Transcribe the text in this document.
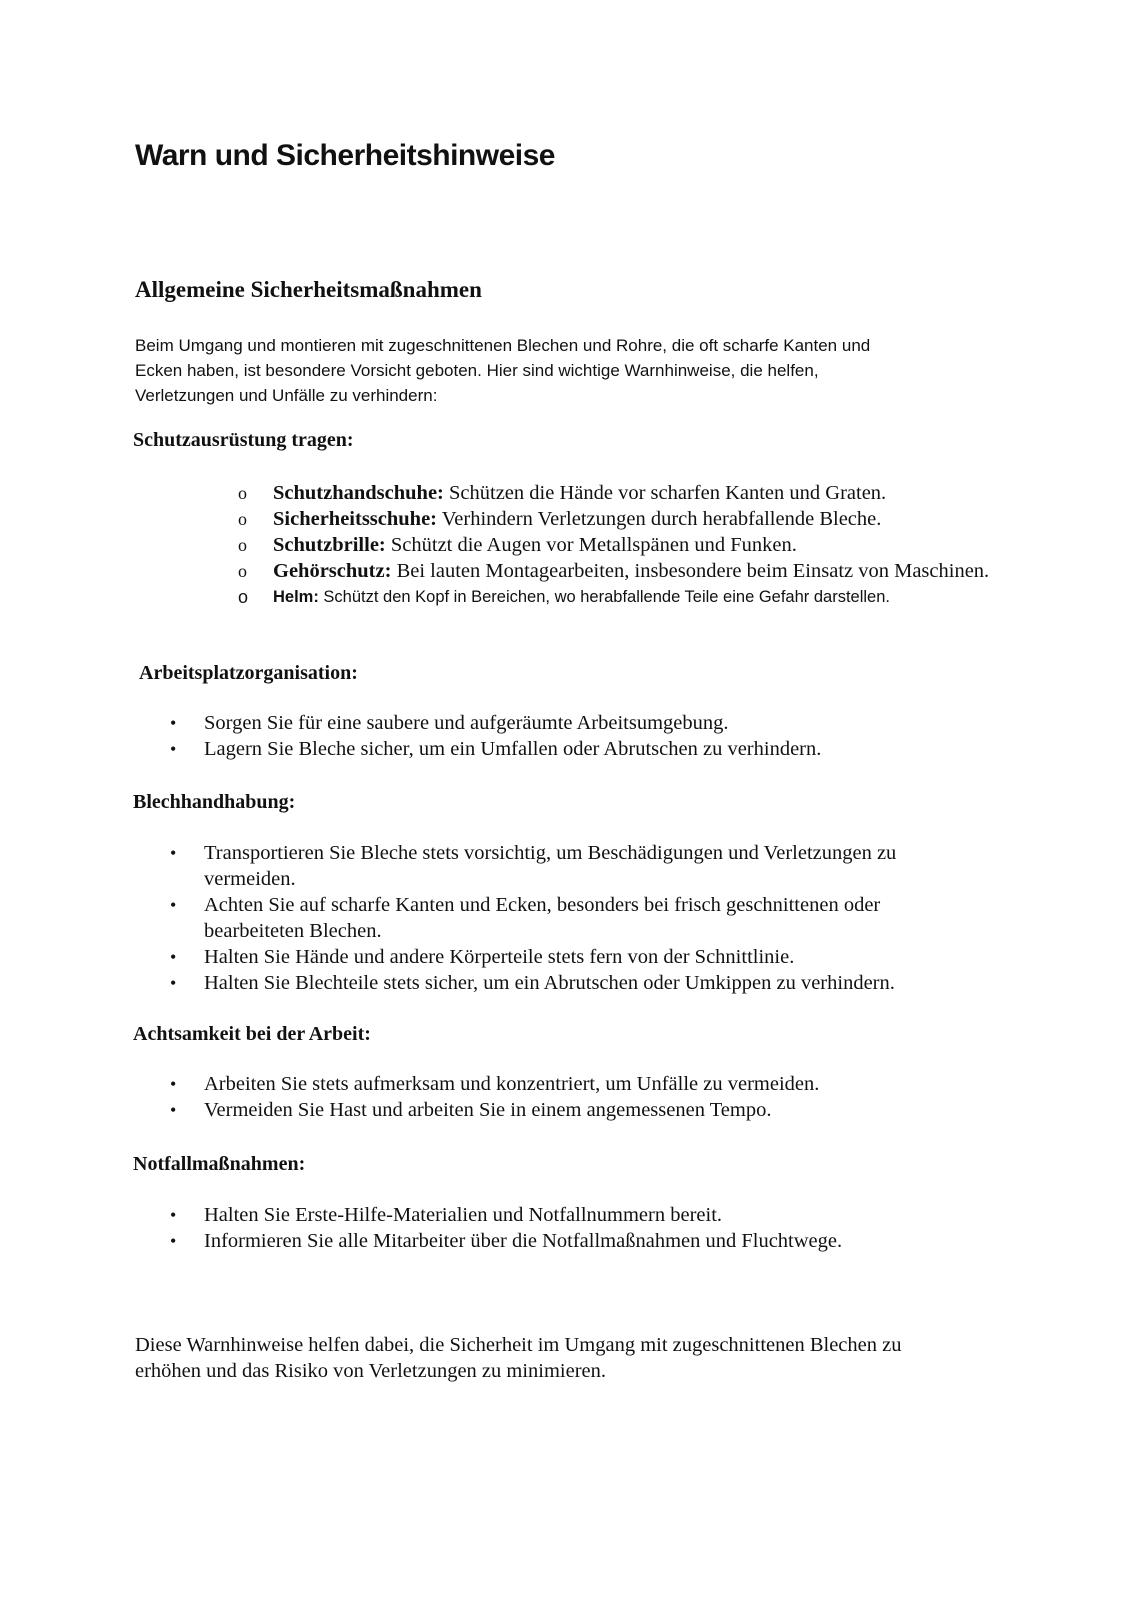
Warn und Sicherheitshinweise
Allgemeine Sicherheitsmaßnahmen
Beim Umgang und montieren mit zugeschnittenen Blechen und Rohre, die oft scharfe Kanten und
Ecken haben, ist besondere Vorsicht geboten. Hier sind wichtige Warnhinweise, die helfen,
Verletzungen und Unfälle zu verhindern:
Schutzausrüstung tragen:
o Schutzhandschuhe: Schützen die Hände vor scharfen Kanten und Graten.
o Sicherheitsschuhe: Verhindern Verletzungen durch herabfallende Bleche.
o Schutzbrille: Schützt die Augen vor Metallspänen und Funken.
o Gehörschutz: Bei lauten Montagearbeiten, insbesondere beim Einsatz von Maschinen.
o Helm: Schützt den Kopf in Bereichen, wo herabfallende Teile eine Gefahr darstellen.
Arbeitsplatzorganisation:
• Sorgen Sie für eine saubere und aufgeräumte Arbeitsumgebung.
• Lagern Sie Bleche sicher, um ein Umfallen oder Abrutschen zu verhindern.
Blechhandhabung:
• Transportieren Sie Bleche stets vorsichtig, um Beschädigungen und Verletzungen zu
vermeiden.
• Achten Sie auf scharfe Kanten und Ecken, besonders bei frisch geschnittenen oder
bearbeiteten Blechen.
• Halten Sie Hände und andere Körperteile stets fern von der Schnittlinie.
• Halten Sie Blechteile stets sicher, um ein Abrutschen oder Umkippen zu verhindern.
Achtsamkeit bei der Arbeit:
• Arbeiten Sie stets aufmerksam und konzentriert, um Unfälle zu vermeiden.
• Vermeiden Sie Hast und arbeiten Sie in einem angemessenen Tempo.
Notfallmaßnahmen:
• Halten Sie Erste-Hilfe-Materialien und Notfallnummern bereit.
• Informieren Sie alle Mitarbeiter über die Notfallmaßnahmen und Fluchtwege.

Diese Warnhinweise helfen dabei, die Sicherheit im Umgang mit zugeschnittenen Blechen zu
erhöhen und das Risiko von Verletzungen zu minimieren.
